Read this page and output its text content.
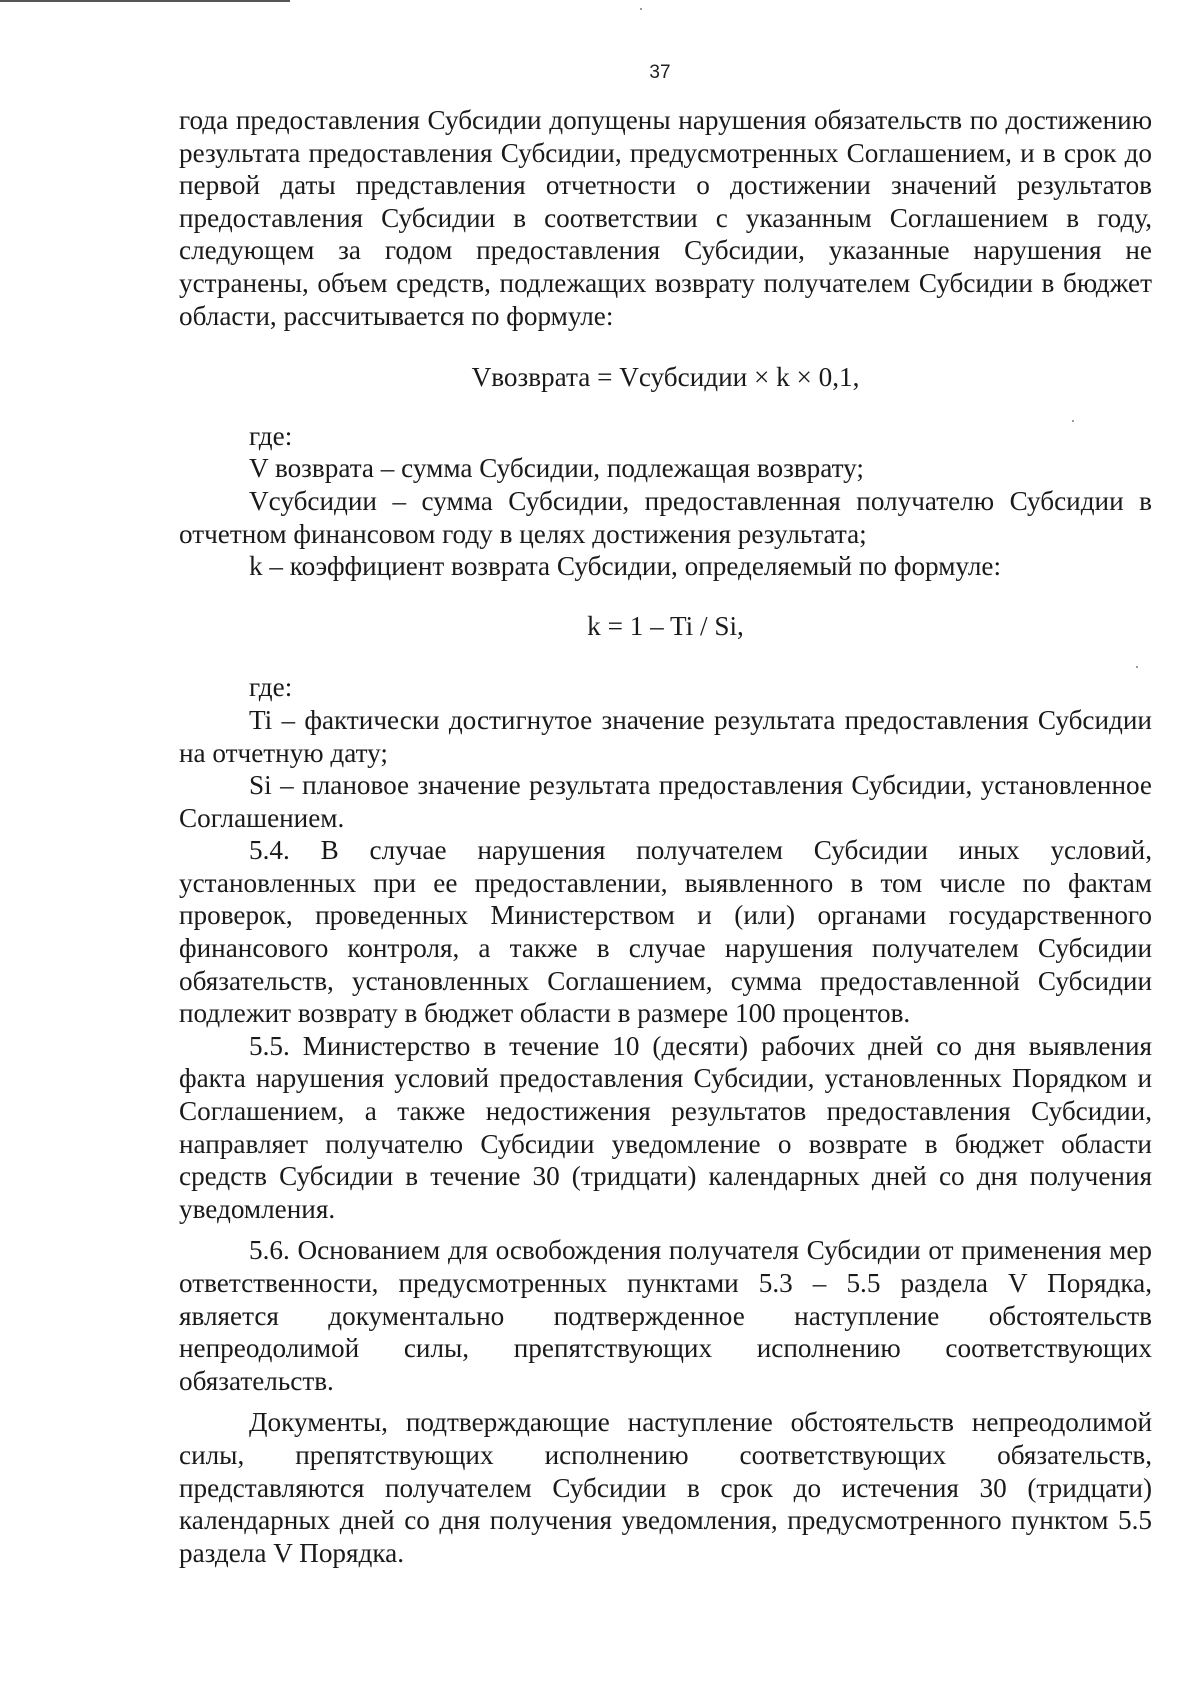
37

года предоставления Субсидии допущены нарушения обязательств по достижению результата предоставления Субсидии, предусмотренных Соглашением, и в срок до первой даты представления отчетности о достижении значений результатов предоставления Субсидии в соответствии с указанным Соглашением в году, следующем за годом предоставления Субсидии, указанные нарушения не устранены, объем средств, подлежащих возврату получателем Субсидии в бюджет области, рассчитывается по формуле:

Vвозврата = Vсубсидии × k × 0,1,

где:

V возврата – сумма Субсидии, подлежащая возврату;

Vсубсидии – сумма Субсидии, предоставленная получателю Субсидии в отчетном финансовом году в целях достижения результата;

k – коэффициент возврата Субсидии, определяемый по формуле:

k = 1 – Ti / Si,

где:

Ti – фактически достигнутое значение результата предоставления Субсидии на отчетную дату;

Si – плановое значение результата предоставления Субсидии, установленное Соглашением.

5.4. В случае нарушения получателем Субсидии иных условий, установленных при ее предоставлении, выявленного в том числе по фактам проверок, проведенных Министерством и (или) органами государственного финансового контроля, а также в случае нарушения получателем Субсидии обязательств, установленных Соглашением, сумма предоставленной Субсидии подлежит возврату в бюджет области в размере 100 процентов.

5.5. Министерство в течение 10 (десяти) рабочих дней со дня выявления факта нарушения условий предоставления Субсидии, установленных Порядком и Соглашением, а также недостижения результатов предоставления Субсидии, направляет получателю Субсидии уведомление о возврате в бюджет области средств Субсидии в течение 30 (тридцати) календарных дней со дня получения уведомления.

5.6. Основанием для освобождения получателя Субсидии от применения мер ответственности, предусмотренных пунктами 5.3 – 5.5 раздела V Порядка, является документально подтвержденное наступление обстоятельств непреодолимой силы, препятствующих исполнению соответствующих обязательств.

Документы, подтверждающие наступление обстоятельств непреодолимой силы, препятствующих исполнению соответствующих обязательств, представляются получателем Субсидии в срок до истечения 30 (тридцати) календарных дней со дня получения уведомления, предусмотренного пунктом 5.5 раздела V Порядка.
